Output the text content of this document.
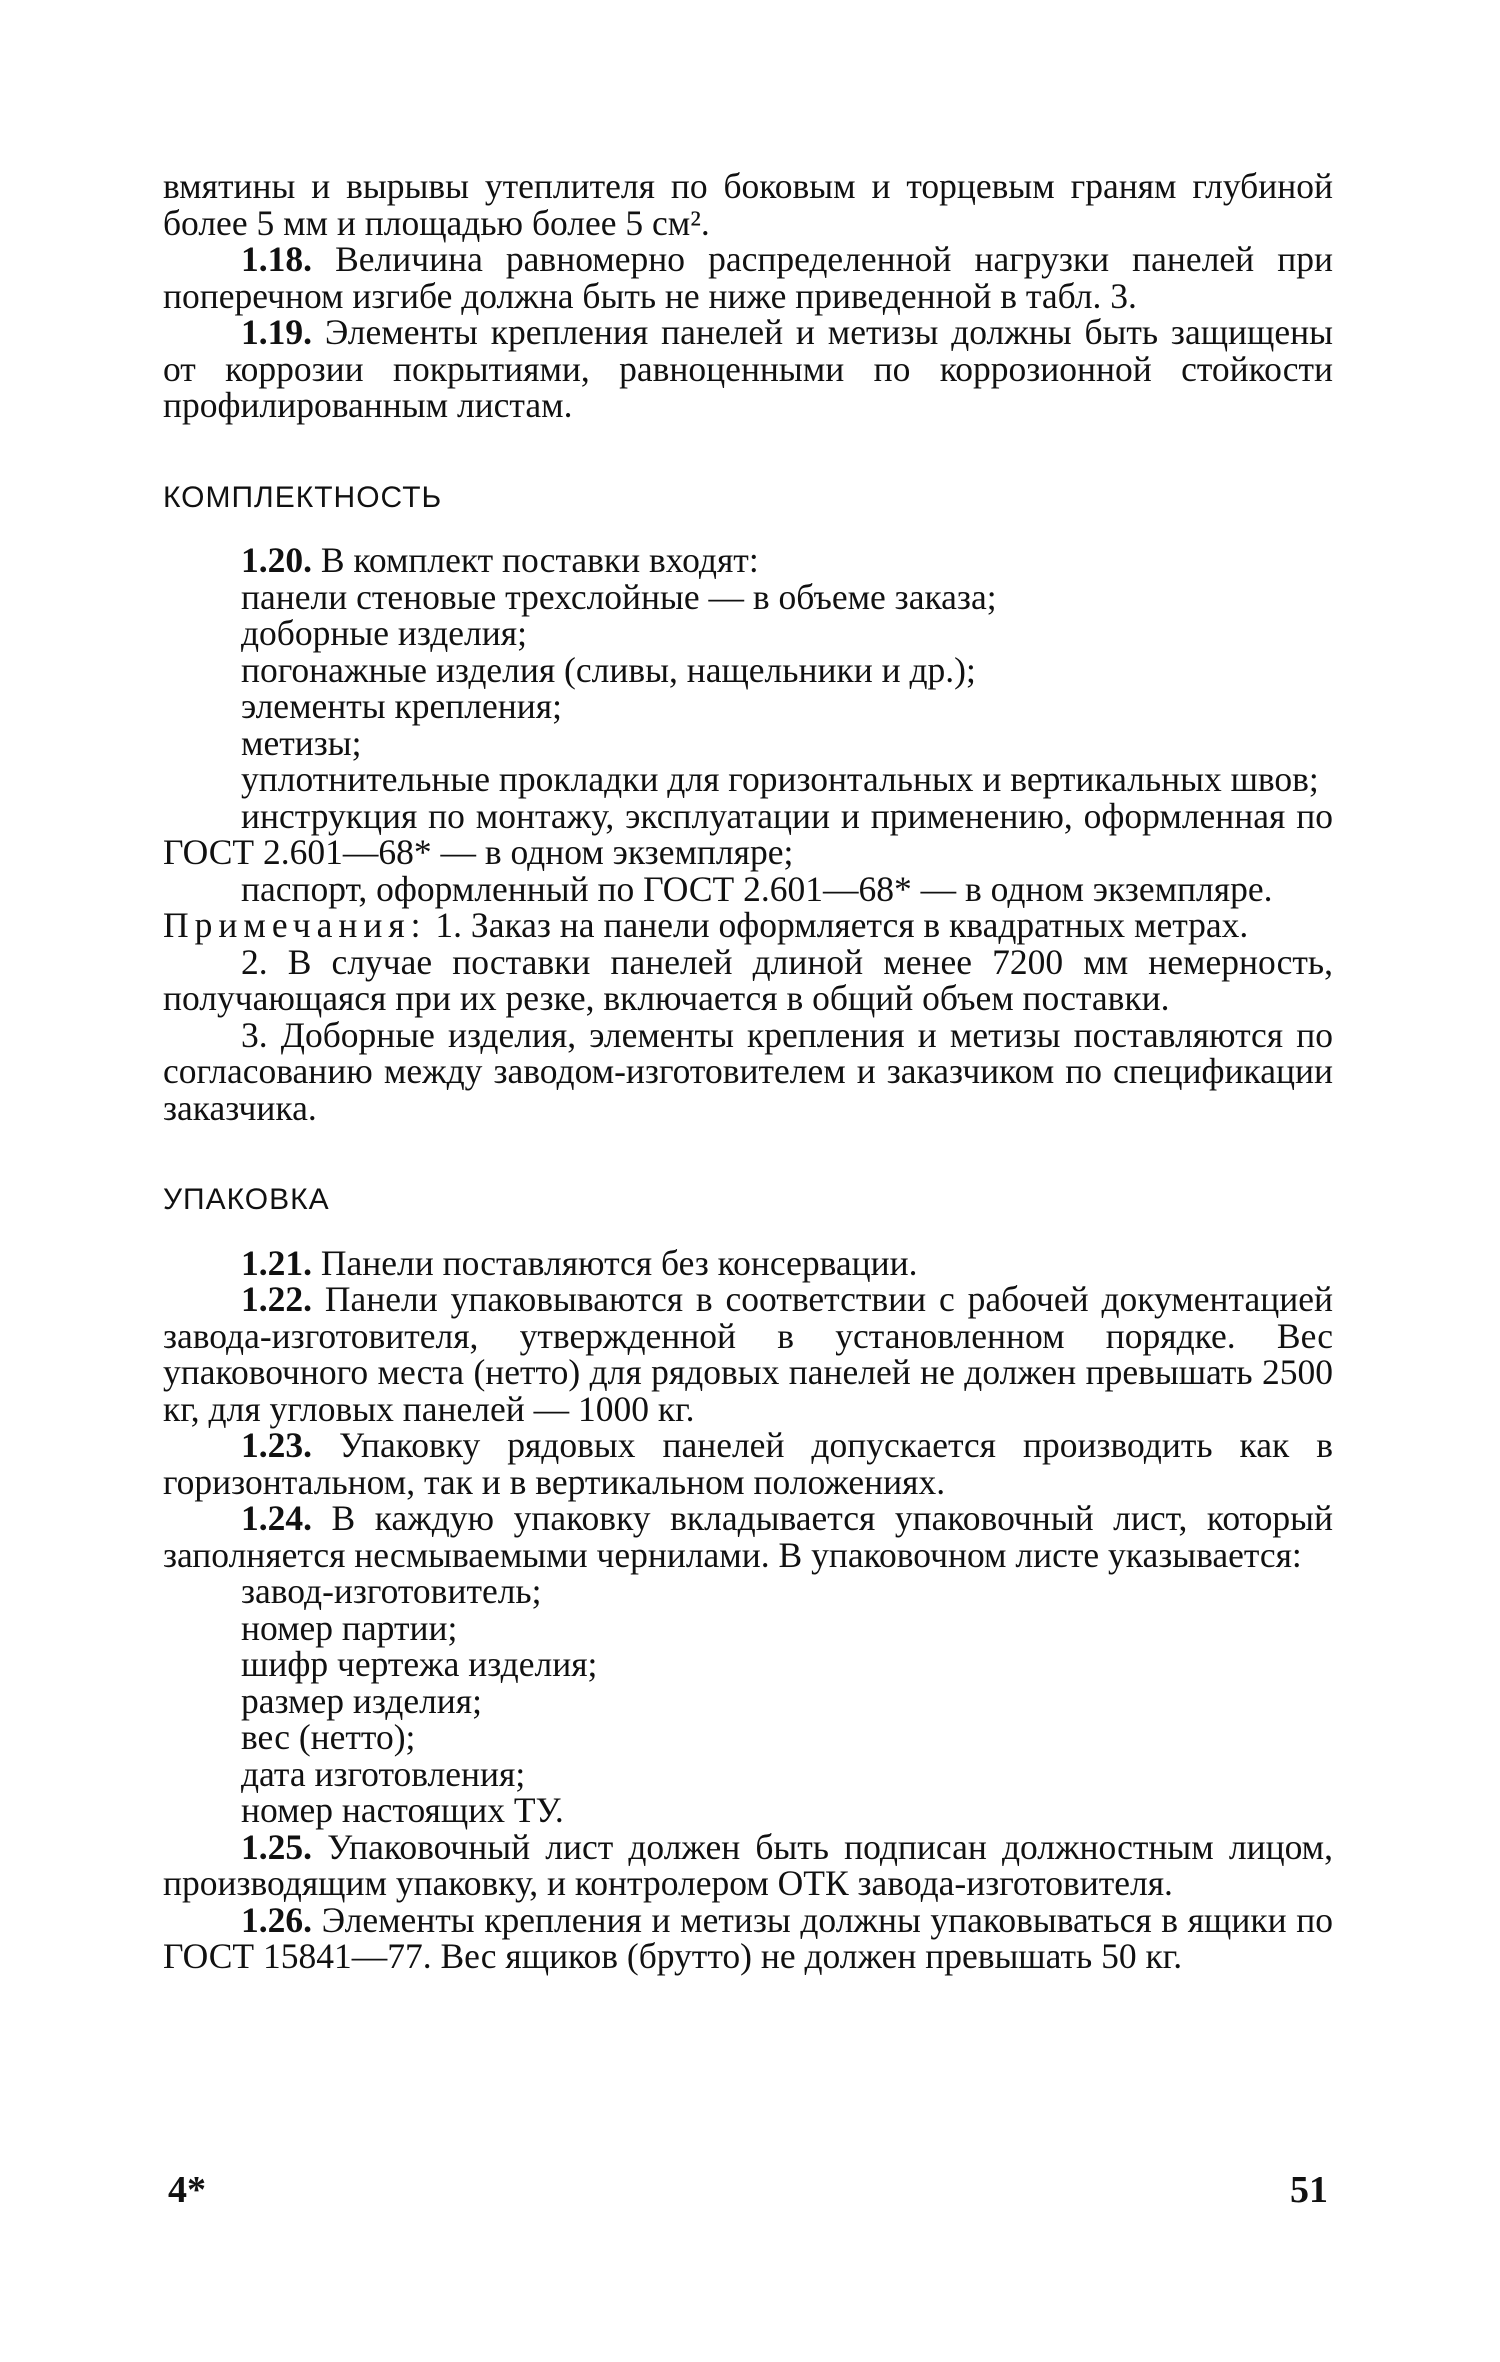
вмятины и вырывы утеплителя по боковым и торцевым граням глубиной более 5 мм и площадью более 5 см².

1.18. Величина равномерно распределенной нагрузки панелей при поперечном изгибе должна быть не ниже приведенной в табл. 3.

1.19. Элементы крепления панелей и метизы должны быть защищены от коррозии покрытиями, равноценными по коррозионной стойкости профилированным листам.

КОМПЛЕКТНОСТЬ

1.20. В комплект поставки входят:

панели стеновые трехслойные — в объеме заказа;
доборные изделия;
погонажные изделия (сливы, нащельники и др.);
элементы крепления;
метизы;
уплотнительные прокладки для горизонтальных и вертикальных швов;
инструкция по монтажу, эксплуатации и применению, оформленная по ГОСТ 2.601—68* — в одном экземпляре;
паспорт, оформленный по ГОСТ 2.601—68* — в одном экземпляре.

Примечания: 1. Заказ на панели оформляется в квадратных метрах.

2. В случае поставки панелей длиной менее 7200 мм немерность, получающаяся при их резке, включается в общий объем поставки.

3. Доборные изделия, элементы крепления и метизы поставляются по согласованию между заводом-изготовителем и заказчиком по спецификации заказчика.

УПАКОВКА

1.21. Панели поставляются без консервации.

1.22. Панели упаковываются в соответствии с рабочей документацией завода-изготовителя, утвержденной в установленном порядке. Вес упаковочного места (нетто) для рядовых панелей не должен превышать 2500 кг, для угловых панелей — 1000 кг.

1.23. Упаковку рядовых панелей допускается производить как в горизонтальном, так и в вертикальном положениях.

1.24. В каждую упаковку вкладывается упаковочный лист, который заполняется несмываемыми чернилами. В упаковочном листе указывается:

завод-изготовитель;
номер партии;
шифр чертежа изделия;
размер изделия;
вес (нетто);
дата изготовления;
номер настоящих ТУ.

1.25. Упаковочный лист должен быть подписан должностным лицом, производящим упаковку, и контролером ОТК завода-изготовителя.

1.26. Элементы крепления и метизы должны упаковываться в ящики по ГОСТ 15841—77. Вес ящиков (брутто) не должен превышать 50 кг.

4*	51
